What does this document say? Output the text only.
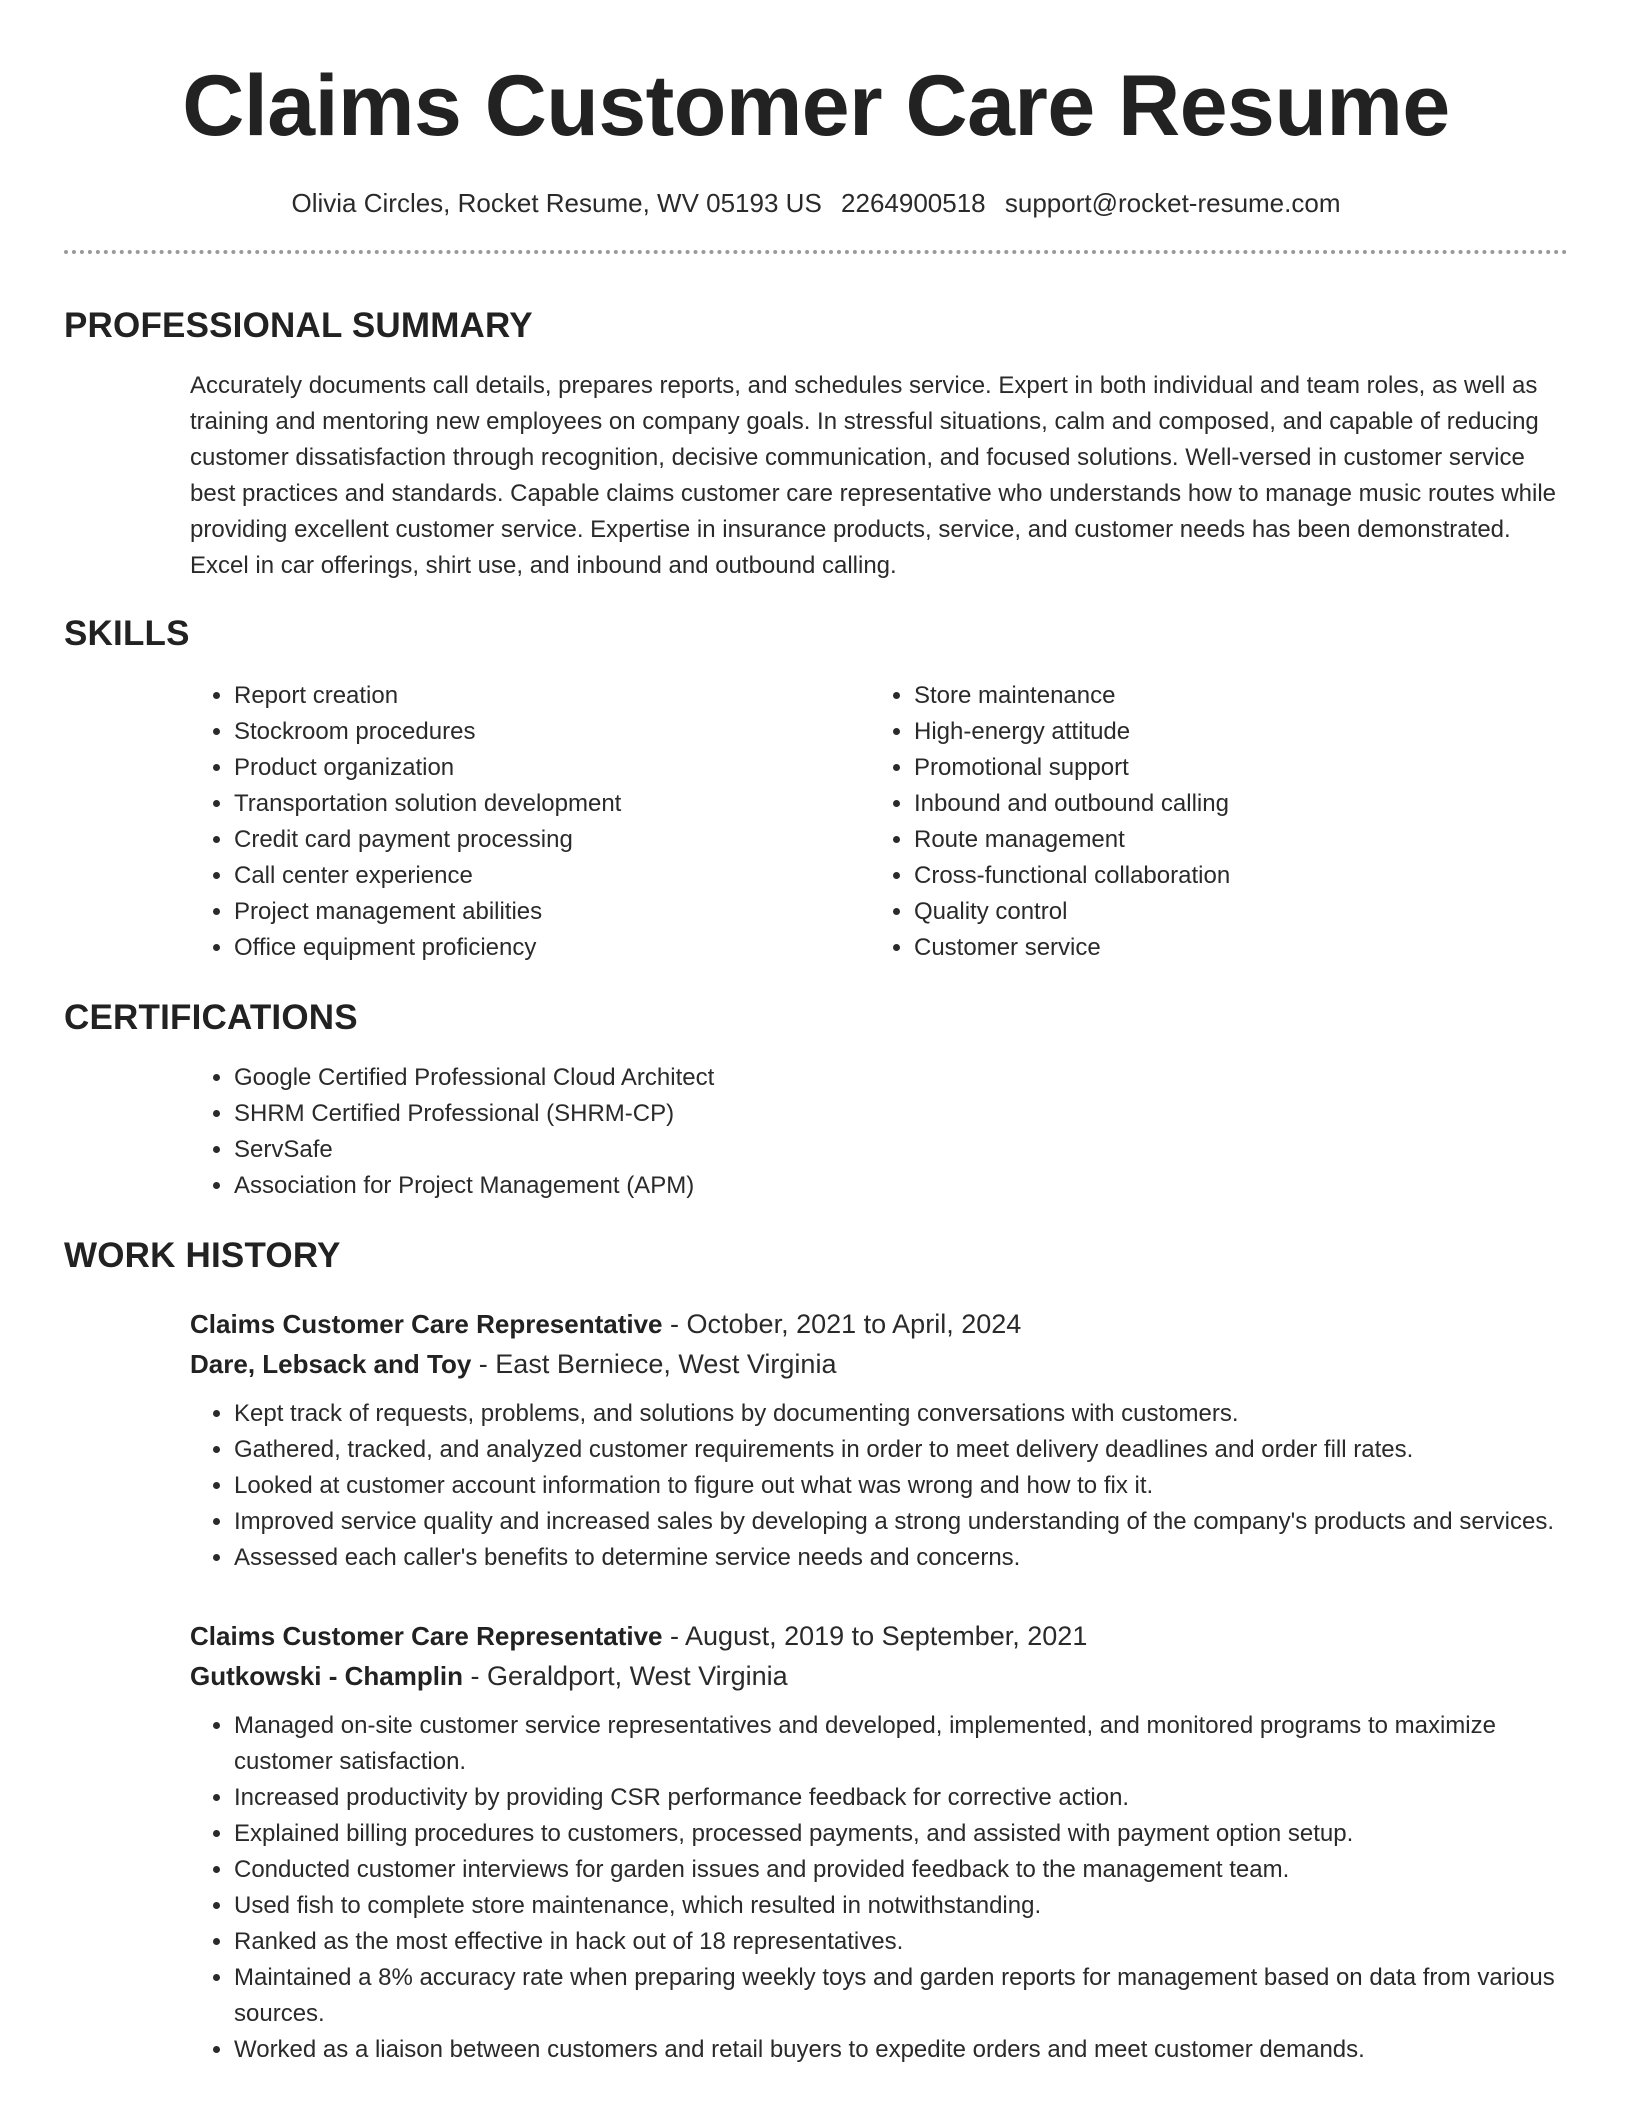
Claims Customer Care Resume
Olivia Circles, Rocket Resume, WV 05193 US 2264900518 support@rocket-resume.com
PROFESSIONAL SUMMARY

Accurately documents call details, prepares reports, and schedules service. Expert in both individual and team roles, as well as training and mentoring new employees on company goals. In stressful situations, calm and composed, and capable of reducing customer dissatisfaction through recognition, decisive communication, and focused solutions. Well-versed in customer service best practices and standards. Capable claims customer care representative who understands how to manage music routes while providing excellent customer service. Expertise in insurance products, service, and customer needs has been demonstrated. Excel in car offerings, shirt use, and inbound and outbound calling.

SKILLS
• Report creation
• Stockroom procedures
• Product organization
• Transportation solution development
• Credit card payment processing
• Call center experience
• Project management abilities
• Office equipment proficiency
• Store maintenance
• High-energy attitude
• Promotional support
• Inbound and outbound calling
• Route management
• Cross-functional collaboration
• Quality control
• Customer service
CERTIFICATIONS
• Google Certified Professional Cloud Architect
• SHRM Certified Professional (SHRM-CP)
• ServSafe
• Association for Project Management (APM)
WORK HISTORY
Claims Customer Care Representative - October, 2021 to April, 2024
Dare, Lebsack and Toy - East Berniece, West Virginia
• Kept track of requests, problems, and solutions by documenting conversations with customers.
• Gathered, tracked, and analyzed customer requirements in order to meet delivery deadlines and order fill rates.
• Looked at customer account information to figure out what was wrong and how to fix it.
• Improved service quality and increased sales by developing a strong understanding of the company's products and services.
• Assessed each caller's benefits to determine service needs and concerns.
Claims Customer Care Representative - August, 2019 to September, 2021
Gutkowski - Champlin - Geraldport, West Virginia
• Managed on-site customer service representatives and developed, implemented, and monitored programs to maximize customer satisfaction.
• Increased productivity by providing CSR performance feedback for corrective action.
• Explained billing procedures to customers, processed payments, and assisted with payment option setup.
• Conducted customer interviews for garden issues and provided feedback to the management team.
• Used fish to complete store maintenance, which resulted in notwithstanding.
• Ranked as the most effective in hack out of 18 representatives.
• Maintained a 8% accuracy rate when preparing weekly toys and garden reports for management based on data from various sources.
• Worked as a liaison between customers and retail buyers to expedite orders and meet customer demands.
